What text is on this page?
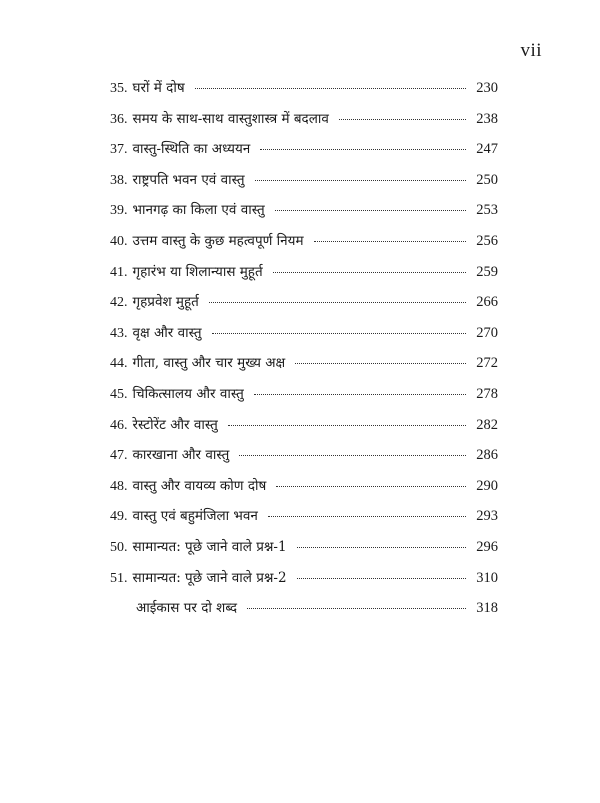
vii
35. घरों में दोष	230
36. समय के साथ-साथ वास्तुशास्त्र में बदलाव	238
37. वास्तु-स्थिति का अध्ययन	247
38. राष्ट्रपति भवन एवं वास्तु	250
39. भानगढ़ का किला एवं वास्तु	253
40. उत्तम वास्तु के कुछ महत्वपूर्ण नियम	256
41. गृहारंभ या शिलान्यास मुहूर्त	259
42. गृहप्रवेश मुहूर्त	266
43. वृक्ष और वास्तु	270
44. गीता, वास्तु और चार मुख्य अक्ष	272
45. चिकित्सालय और वास्तु	278
46. रेस्टोरेंट और वास्तु	282
47. कारखाना और वास्तु	286
48. वास्तु और वायव्य कोण दोष	290
49. वास्तु एवं बहुमंजिला भवन	293
50. सामान्यत: पूछे जाने वाले प्रश्न-1	296
51. सामान्यत: पूछे जाने वाले प्रश्न-2	310
आईकास पर दो शब्द	318
